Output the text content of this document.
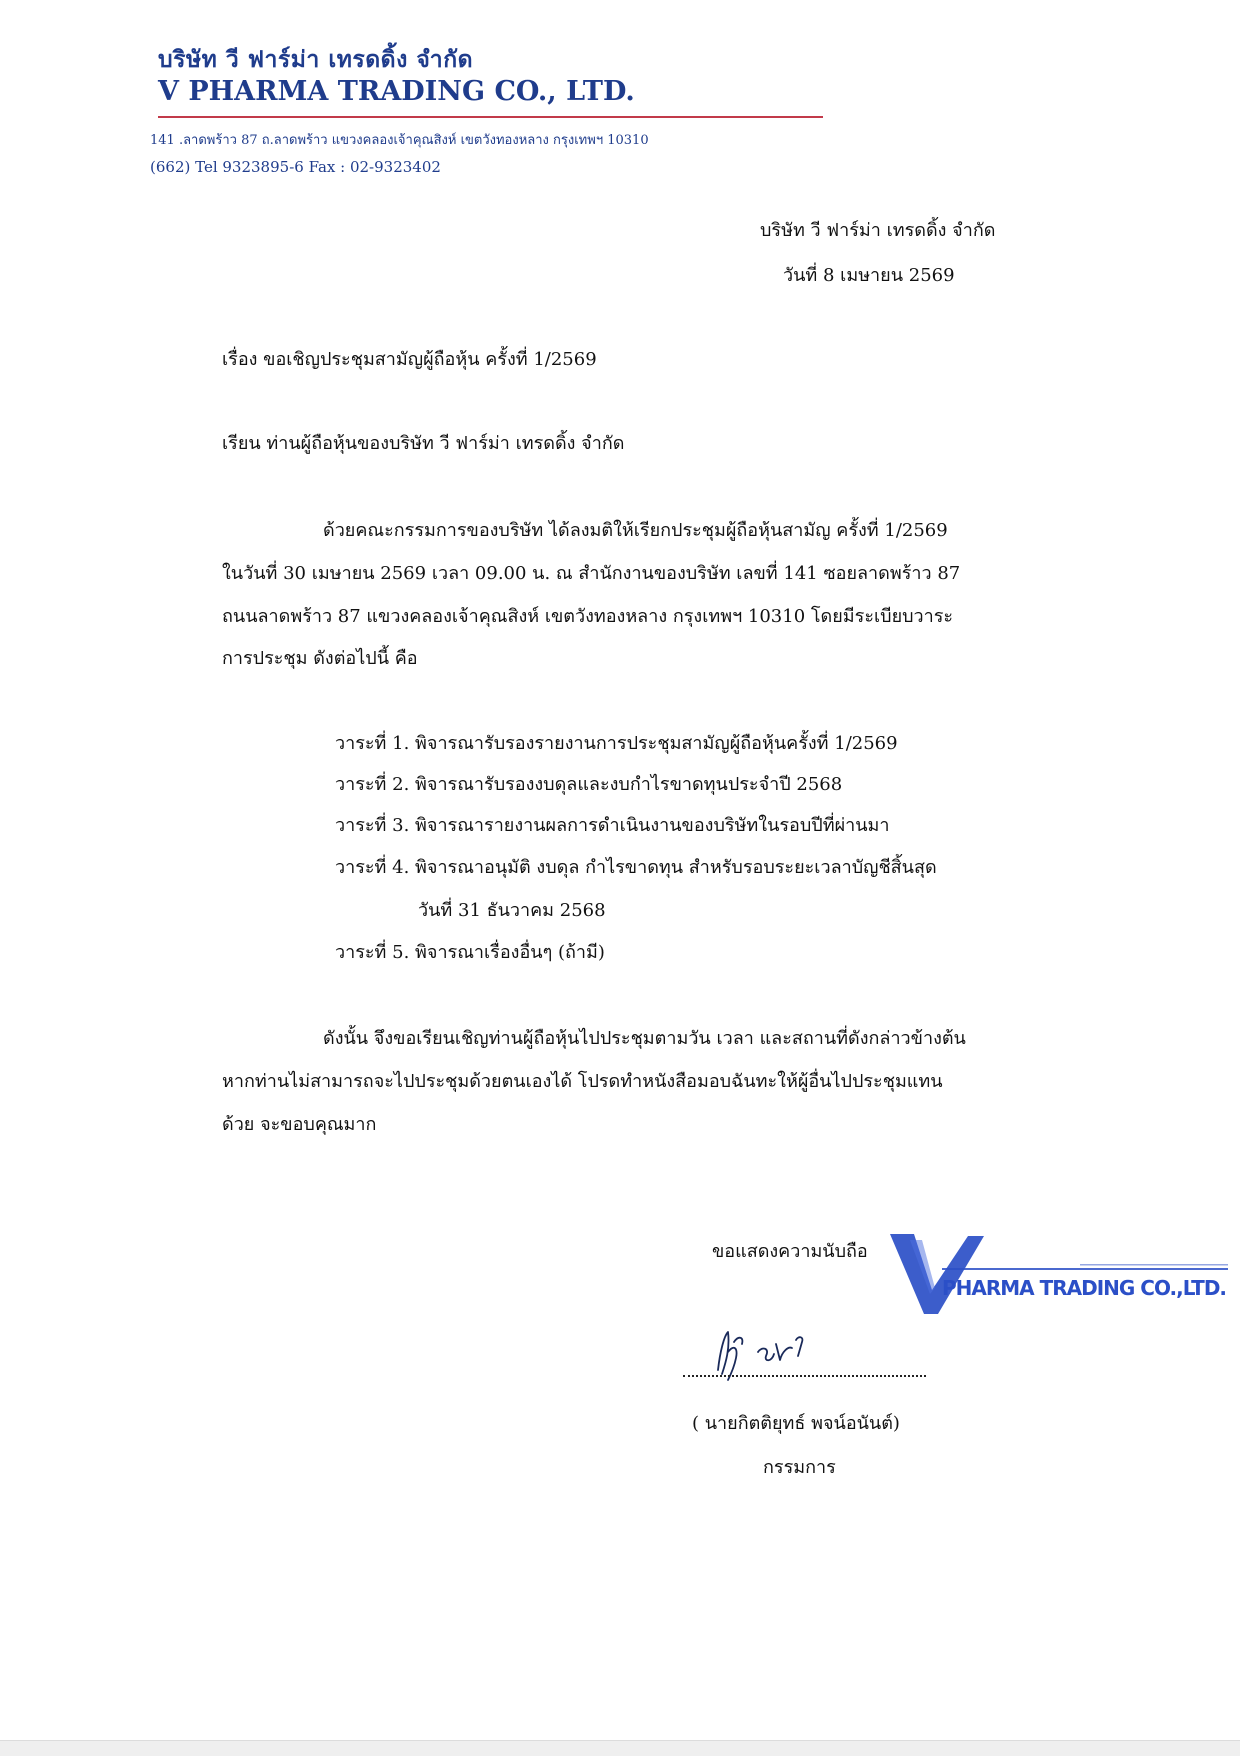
บริษัท วี ฟาร์ม่า เทรดดิ้ง จำกัด
V PHARMA TRADING CO., LTD.
141 .ลาดพร้าว 87 ถ.ลาดพร้าว แขวงคลองเจ้าคุณสิงห์ เขตวังทองหลาง กรุงเทพฯ 10310
(662) Tel 9323895-6 Fax : 02-9323402
บริษัท วี ฟาร์ม่า เทรดดิ้ง จำกัด
วันที่ 8 เมษายน 2569
เรื่อง ขอเชิญประชุมสามัญผู้ถือหุ้น ครั้งที่ 1/2569
เรียน ท่านผู้ถือหุ้นของบริษัท วี ฟาร์ม่า เทรดดิ้ง จำกัด
ด้วยคณะกรรมการของบริษัท ได้ลงมติให้เรียกประชุมผู้ถือหุ้นสามัญ ครั้งที่ 1/2569
ในวันที่ 30 เมษายน 2569 เวลา 09.00 น. ณ สำนักงานของบริษัท เลขที่ 141 ซอยลาดพร้าว 87
ถนนลาดพร้าว 87 แขวงคลองเจ้าคุณสิงห์ เขตวังทองหลาง กรุงเทพฯ 10310 โดยมีระเบียบวาระ
การประชุม ดังต่อไปนี้ คือ
วาระที่ 1. พิจารณารับรองรายงานการประชุมสามัญผู้ถือหุ้นครั้งที่ 1/2569
วาระที่ 2. พิจารณารับรองงบดุลและงบกำไรขาดทุนประจำปี 2568
วาระที่ 3. พิจารณารายงานผลการดำเนินงานของบริษัทในรอบปีที่ผ่านมา
วาระที่ 4. พิจารณาอนุมัติ งบดุล กำไรขาดทุน สำหรับรอบระยะเวลาบัญชีสิ้นสุด
วันที่ 31 ธันวาคม 2568
วาระที่ 5. พิจารณาเรื่องอื่นๆ (ถ้ามี)
ดังนั้น จึงขอเรียนเชิญท่านผู้ถือหุ้นไปประชุมตามวัน เวลา และสถานที่ดังกล่าวข้างต้น
หากท่านไม่สามารถจะไปประชุมด้วยตนเองได้ โปรดทำหนังสือมอบฉันทะให้ผู้อื่นไปประชุมแทน
ด้วย จะขอบคุณมาก
ขอแสดงความนับถือ
PHARMA TRADING CO.,LTD.
( นายกิตติยุทธ์ พจน์อนันต์)
กรรมการ
